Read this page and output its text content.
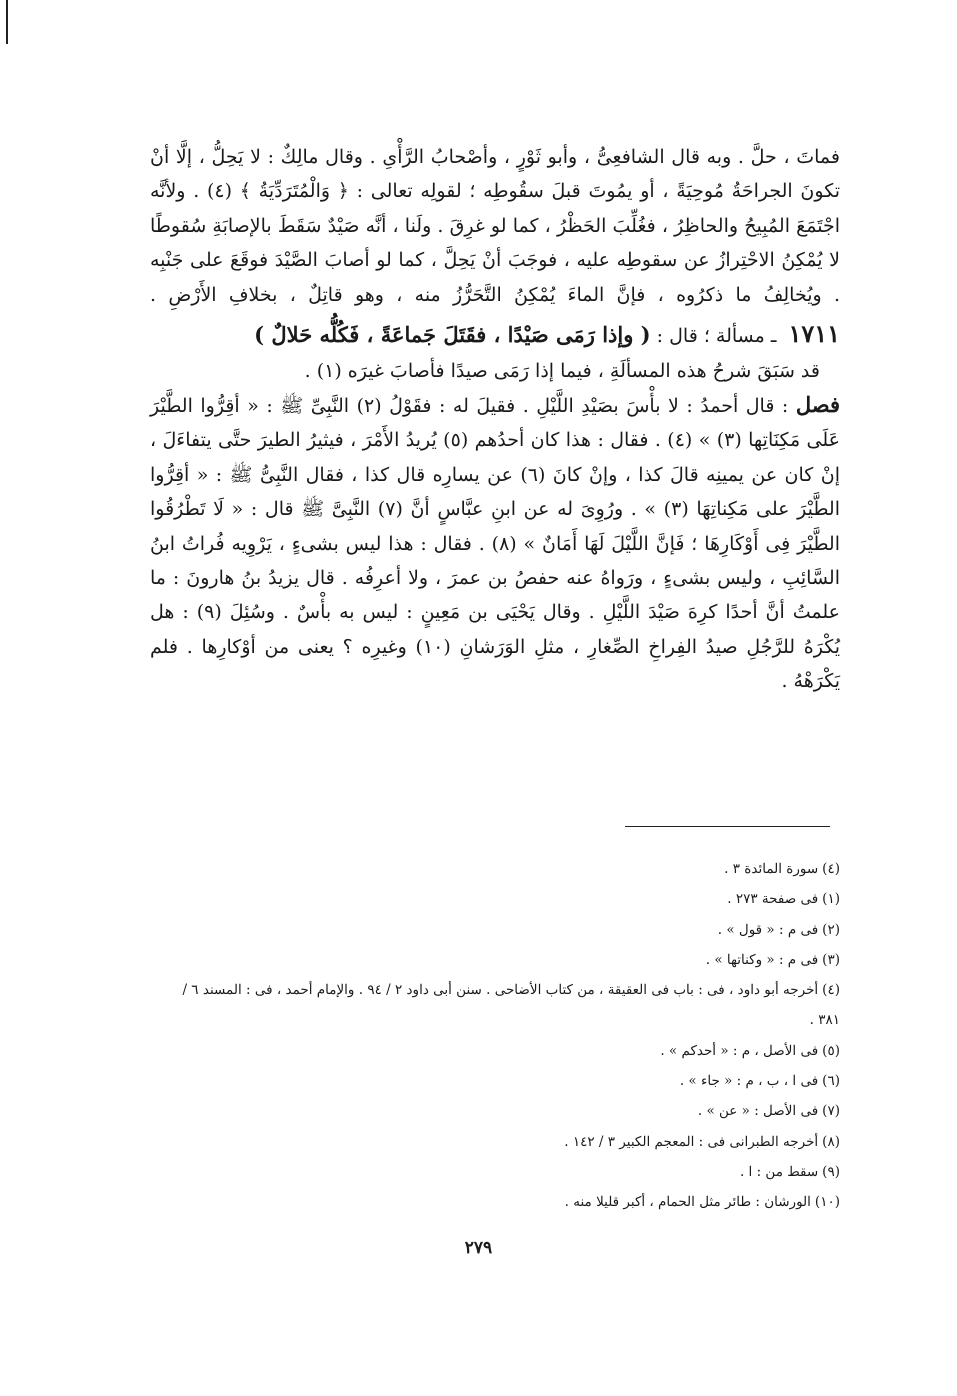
فماتَ ، حلَّ . وبه قال الشافعِىُّ ، وأبو ثَوْرٍ ، وأصْحابُ الرَّأْىِ . وقال مالِكٌ : لا يَحِلُّ ، إلَّا أنْ تكونَ الجراحَةُ مُوحِيَةً ، أو يمُوتَ قبلَ سقُوطِه ؛ لقولِه تعالى : ﴿ وَالْمُتَرَدِّيَةُ ﴾ (٤) . ولأنَّه اجْتَمَعَ المُبِيحُ والحاظِرُ ، فغُلِّبَ الحَظْرُ ، كما لو غرِقَ . ولَنا ، أنَّه صَيْدٌ سَقَطَ بالإصابَةِ سُقوطًا لا يُمْكِنُ الاحْتِرازُ عن سقوطِه عليه ، فوجَبَ أنْ يَحِلَّ ، كما لو أصابَ الصَّيْدَ فوقَعَ على جَنْبِه . ويُخالِفُ ما ذكرُوه ، فإنَّ الماءَ يُمْكِنُ التَّحَرُّزُ منه ، وهو قاتِلٌ ، بخلافِ الأَرْضِ .

١٧١١ ـ مسألة ؛ قال : ( وإذا رَمَى صَيْدًا ، فقَتَلَ جَماعَةً ، فَكُلُّه حَلالٌ )

قد سَبَقَ شرحُ هذه المسألَةِ ، فيما إذا رَمَى صيدًا فأصابَ غيرَه (١) .

فصل : قال أحمدُ : لا بأْسَ بصَيْدِ اللَّيْلِ . فقيلَ له : فقَوْلُ (٢) النَّبِىِّ ﷺ : « أقِرُّوا الطَّيْرَ عَلَى مَكِنَاتِها (٣) » (٤) . فقال : هذا كان أحدُهم (٥) يُريدُ الأَمْرَ ، فيثيرُ الطيرَ حتَّى يتفاءَلَ ، إنْ كان عن يمينِه قالَ كذا ، وإنْ كانَ (٦) عن يسارِه قال كذا ، فقال النَّبِىُّ ﷺ : « أقِرُّوا الطَّيْرَ على مَكِناتِهَا (٣) » . ورُوِىَ له عن ابنِ عبَّاسٍ أنَّ (٧) النَّبِىَّ ﷺ قال : « لَا تَطْرُقُوا الطَّيْرَ فِى أَوْكَارِهَا ؛ فَإنَّ اللَّيْلَ لَهَا أَمَانٌ » (٨) . فقال : هذا ليس بشىءٍ ، يَرْوِيه فُراتُ ابنُ السَّائِبِ ، وليس بشىءٍ ، ورَواهُ عنه حفصُ بن عمرَ ، ولا أعرِفُه . قال يزيدُ بنُ هارونَ : ما علمتُ أنَّ أحدًا كرِهَ صَيْدَ اللَّيْلِ . وقال يَحْيَى بن مَعِينٍ : ليس به بأْسٌ . وسُئِلَ (٩) : هل يُكْرَهُ للرَّجُلِ صيدُ الفِراخِ الصِّغارِ ، مثلِ الوَرَشانِ (١٠) وغيرِه ؟ يعنى من أوْكارِها . فلم يَكْرَهْهُ .

(٤)سورة المائدة ٣ .

(١)فى صفحة ٢٧٣ .

(٢)فى م : « قول » .

(٣)فى م : « وكناتها » .

(٤)أخرجه أبو داود ، فى : باب فى العقيقة ، من كتاب الأضاحى . سنن أبى داود ٢ / ٩٤ . والإمام أحمد ، فى : المسند ٦ / ٣٨١ .

(٥)فى الأصل ، م : « أحدكم » .

(٦)فى ا ، ب ، م : « جاء » .

(٧)فى الأصل : « عن » .

(٨)أخرجه الطبرانى فى : المعجم الكبير ٣ / ١٤٢ .

(٩)سقط من : ا .

(١٠)الورشان : طائر مثل الحمام ، أكبر قليلا منه .

٢٧٩
